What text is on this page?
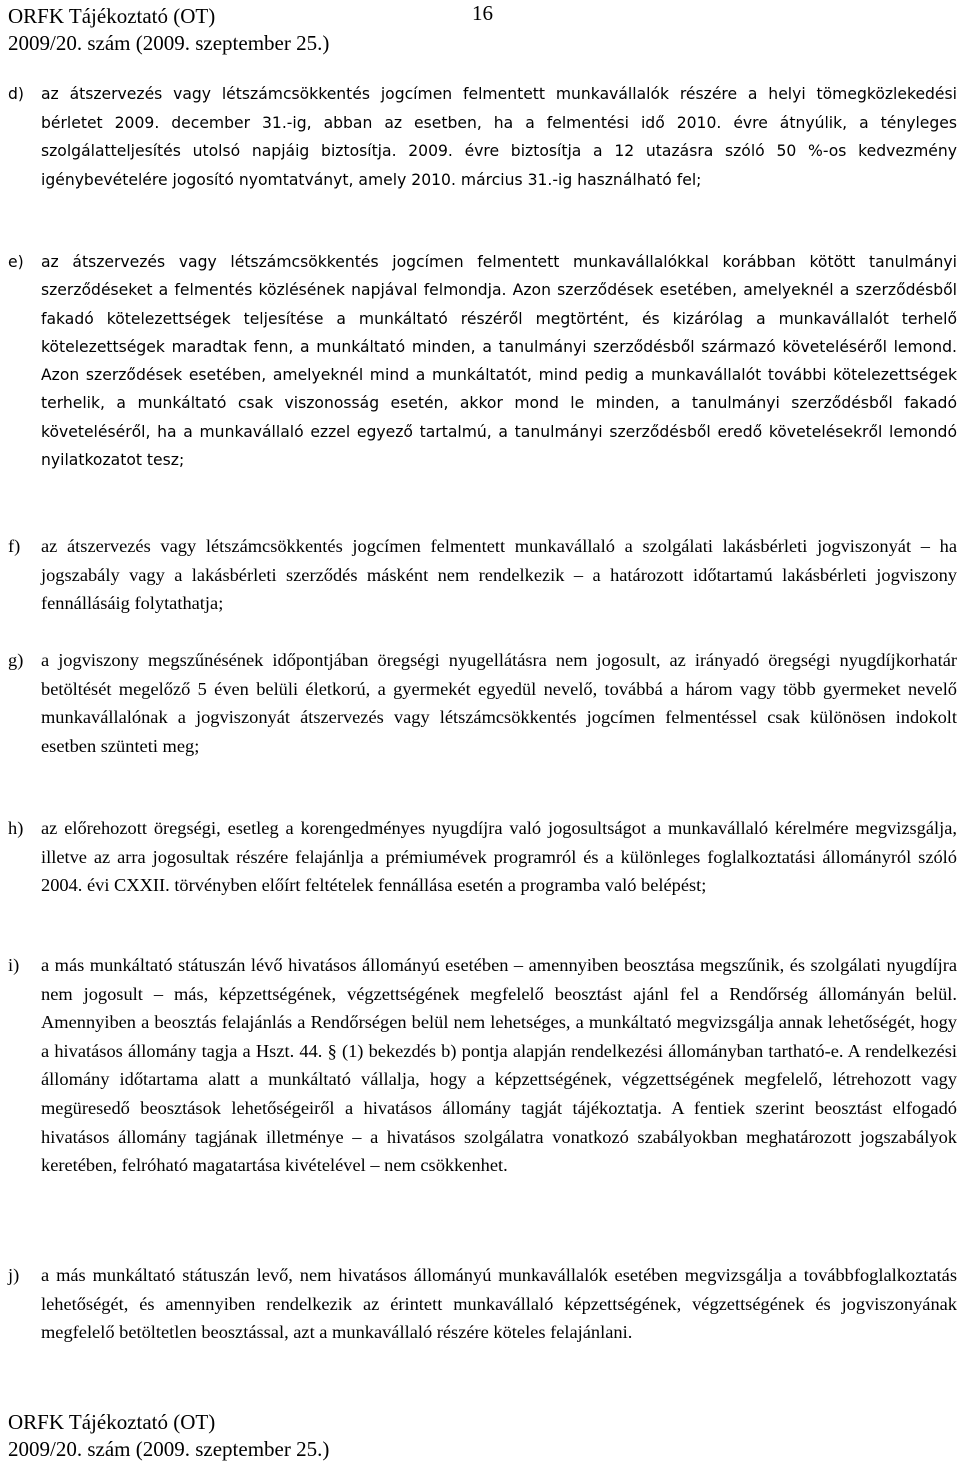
ORFK Tájékoztató (OT)
2009/20. szám (2009. szeptember 25.)
16
d)	az átszervezés vagy létszámcsökkentés jogcímen felmentett munkavállalók részére a helyi tömegközlekedési bérletet 2009. december 31.-ig, abban az esetben, ha a felmentési idő 2010. évre átnyúlik, a tényleges szolgálatteljesítés utolsó napjáig biztosítja. 2009. évre biztosítja a 12 utazásra szóló 50 %-os kedvezmény igénybevételére jogosító nyomtatványt, amely 2010. március 31.-ig használható fel;
e)	az átszervezés vagy létszámcsökkentés jogcímen felmentett munkavállalókkal korábban kötött tanulmányi szerződéseket a felmentés közlésének napjával felmondja. Azon szerződések esetében, amelyeknél a szerződésből fakadó kötelezettségek teljesítése a munkáltató részéről megtörtént, és kizárólag a munkavállalót terhelő kötelezettségek maradtak fenn, a munkáltató minden, a tanulmányi szerződésből származó követeléséről lemond. Azon szerződések esetében, amelyeknél mind a munkáltatót, mind pedig a munkavállalót további kötelezettségek terhelik, a munkáltató csak viszonosság esetén, akkor mond le minden, a tanulmányi szerződésből fakadó követeléséről, ha a munkavállaló ezzel egyező tartalmú, a tanulmányi szerződésből eredő követelésekről lemondó nyilatkozatot tesz;
f)	az átszervezés vagy létszámcsökkentés jogcímen felmentett munkavállaló a szolgálati lakásbérleti jogviszonyát – ha jogszabály vagy a lakásbérleti szerződés másként nem rendelkezik – a határozott időtartamú lakásbérleti jogviszony fennállásáig folytathatja;
g) a jogviszony megszűnésének időpontjában öregségi nyugellátásra nem jogosult, az irányadó öregségi nyugdíjkorhatár betöltését megelőző 5 éven belüli életkorú, a gyermekét egyedül nevelő, továbbá a három vagy több gyermeket nevelő munkavállalónak a jogviszonyát átszervezés vagy létszámcsökkentés jogcímen felmentéssel csak különösen indokolt esetben szünteti meg;
h) az előrehozott öregségi, esetleg a korengedményes nyugdíjra való jogosultságot a munkavállaló kérelmére megvizsgálja, illetve az arra jogosultak részére felajánlja a prémiumévek programról és a különleges foglalkoztatási állományról szóló 2004. évi CXXII. törvényben előírt feltételek fennállása esetén a programba való belépést;
i)	a más munkáltató státuszán lévő hivatásos állományú esetében – amennyiben beosztása megszűnik, és szolgálati nyugdíjra nem jogosult – más, képzettségének, végzettségének megfelelő beosztást ajánl fel a Rendőrség állományán belül. Amennyiben a beosztás felajánlás a Rendőrségen belül nem lehetséges, a munkáltató megvizsgálja annak lehetőségét, hogy a hivatásos állomány tagja a Hszt. 44. § (1) bekezdés b) pontja alapján rendelkezési állományban tartható-e. A rendelkezési állomány időtartama alatt a munkáltató vállalja, hogy a képzettségének, végzettségének megfelelő, létrehozott vagy megüresedő beosztások lehetőségeiről a hivatásos állomány tagját tájékoztatja. A fentiek szerint beosztást elfogadó hivatásos állomány tagjának illetménye – a hivatásos szolgálatra vonatkozó szabályokban meghatározott jogszabályok keretében, felróható magatartása kivételével – nem csökkenhet.
j)	a más munkáltató státuszán levő, nem hivatásos állományú munkavállalók esetében megvizsgálja a továbbfoglalkoztatás lehetőségét, és amennyiben rendelkezik az érintett munkavállaló képzettségének, végzettségének és jogviszonyának megfelelő betöltetlen beosztással, azt a munkavállaló részére köteles felajánlani.
ORFK Tájékoztató (OT)
2009/20. szám (2009. szeptember 25.)
